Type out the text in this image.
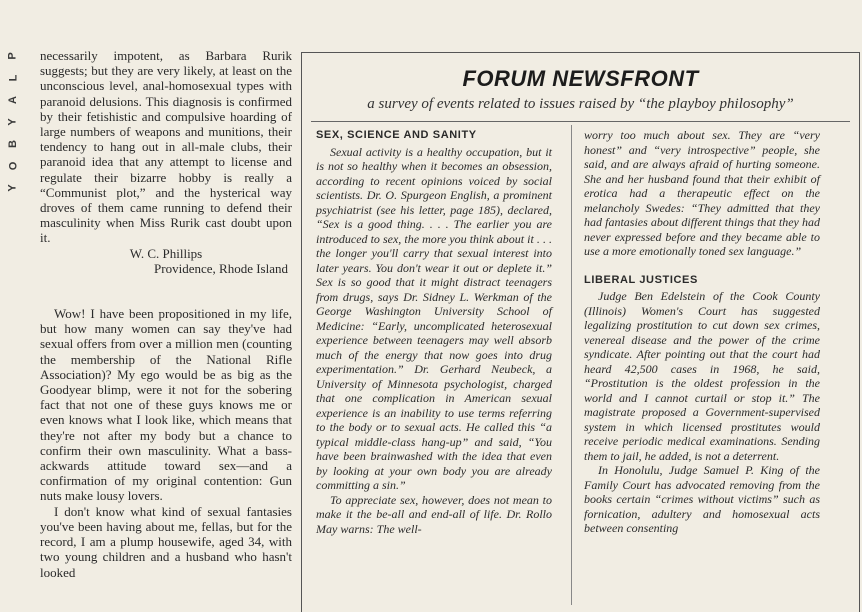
P
L
A
Y
B
O
Y

necessarily impotent, as Barbara Rurik suggests; but they are very likely, at least on the unconscious level, anal-homosexual types with paranoid delusions. This diagnosis is confirmed by their fetishistic and compulsive hoarding of large numbers of weapons and munitions, their tendency to hang out in all-male clubs, their paranoid idea that any attempt to license and regulate their bizarre hobby is really a “Communist plot,” and the hysterical way droves of them came running to defend their masculinity when Miss Rurik cast doubt upon it.

W. C. Phillips

Providence, Rhode Island

Wow! I have been propositioned in my life, but how many women can say they've had sexual offers from over a million men (counting the membership of the National Rifle Association)? My ego would be as big as the Goodyear blimp, were it not for the sobering fact that not one of these guys knows me or even knows what I look like, which means that they're not after my body but a chance to confirm their own masculinity. What a bass-ackwards attitude toward sex—and a confirmation of my original contention: Gun nuts make lousy lovers.

I don't know what kind of sexual fantasies you've been having about me, fellas, but for the record, I am a plump housewife, aged 34, with two young children and a husband who hasn't looked

FORUM NEWSFRONT
a survey of events related to issues raised by “the playboy philosophy”

SEX, SCIENCE AND SANITY

Sexual activity is a healthy occupation, but it is not so healthy when it becomes an obsession, according to recent opinions voiced by social scientists. Dr. O. Spurgeon English, a prominent psychiatrist (see his letter, page 185), declared, “Sex is a good thing. . . . The earlier you are introduced to sex, the more you think about it . . . the longer you'll carry that sexual interest into later years. You don't wear it out or deplete it.” Sex is so good that it might distract teenagers from drugs, says Dr. Sidney L. Werkman of the George Washington University School of Medicine: “Early, uncomplicated heterosexual experience between teenagers may well absorb much of the energy that now goes into drug experimentation.” Dr. Gerhard Neubeck, a University of Minnesota psychologist, charged that one complication in American sexual experience is an inability to use terms referring to the body or to sexual acts. He called this “a typical middle-class hang-up” and said, “You have been brainwashed with the idea that even by looking at your own body you are already committing a sin.”

To appreciate sex, however, does not mean to make it the be-all and end-all of life. Dr. Rollo May warns: The well-

worry too much about sex. They are “very honest” and “very introspective” people, she said, and are always afraid of hurting someone. She and her husband found that their exhibit of erotica had a therapeutic effect on the melancholy Swedes: “They admitted that they had fantasies about different things that they had never expressed before and they became able to use a more emotionally toned sex language.”

LIBERAL JUSTICES

Judge Ben Edelstein of the Cook County (Illinois) Women's Court has suggested legalizing prostitution to cut down sex crimes, venereal disease and the power of the crime syndicate. After pointing out that the court had heard 42,500 cases in 1968, he said, “Prostitution is the oldest profession in the world and I cannot curtail or stop it.” The magistrate proposed a Government-supervised system in which licensed prostitutes would receive periodic medical examinations. Sending them to jail, he added, is not a deterrent.

In Honolulu, Judge Samuel P. King of the Family Court has advocated removing from the books certain “crimes without victims” such as fornication, adultery and homosexual acts between consenting
